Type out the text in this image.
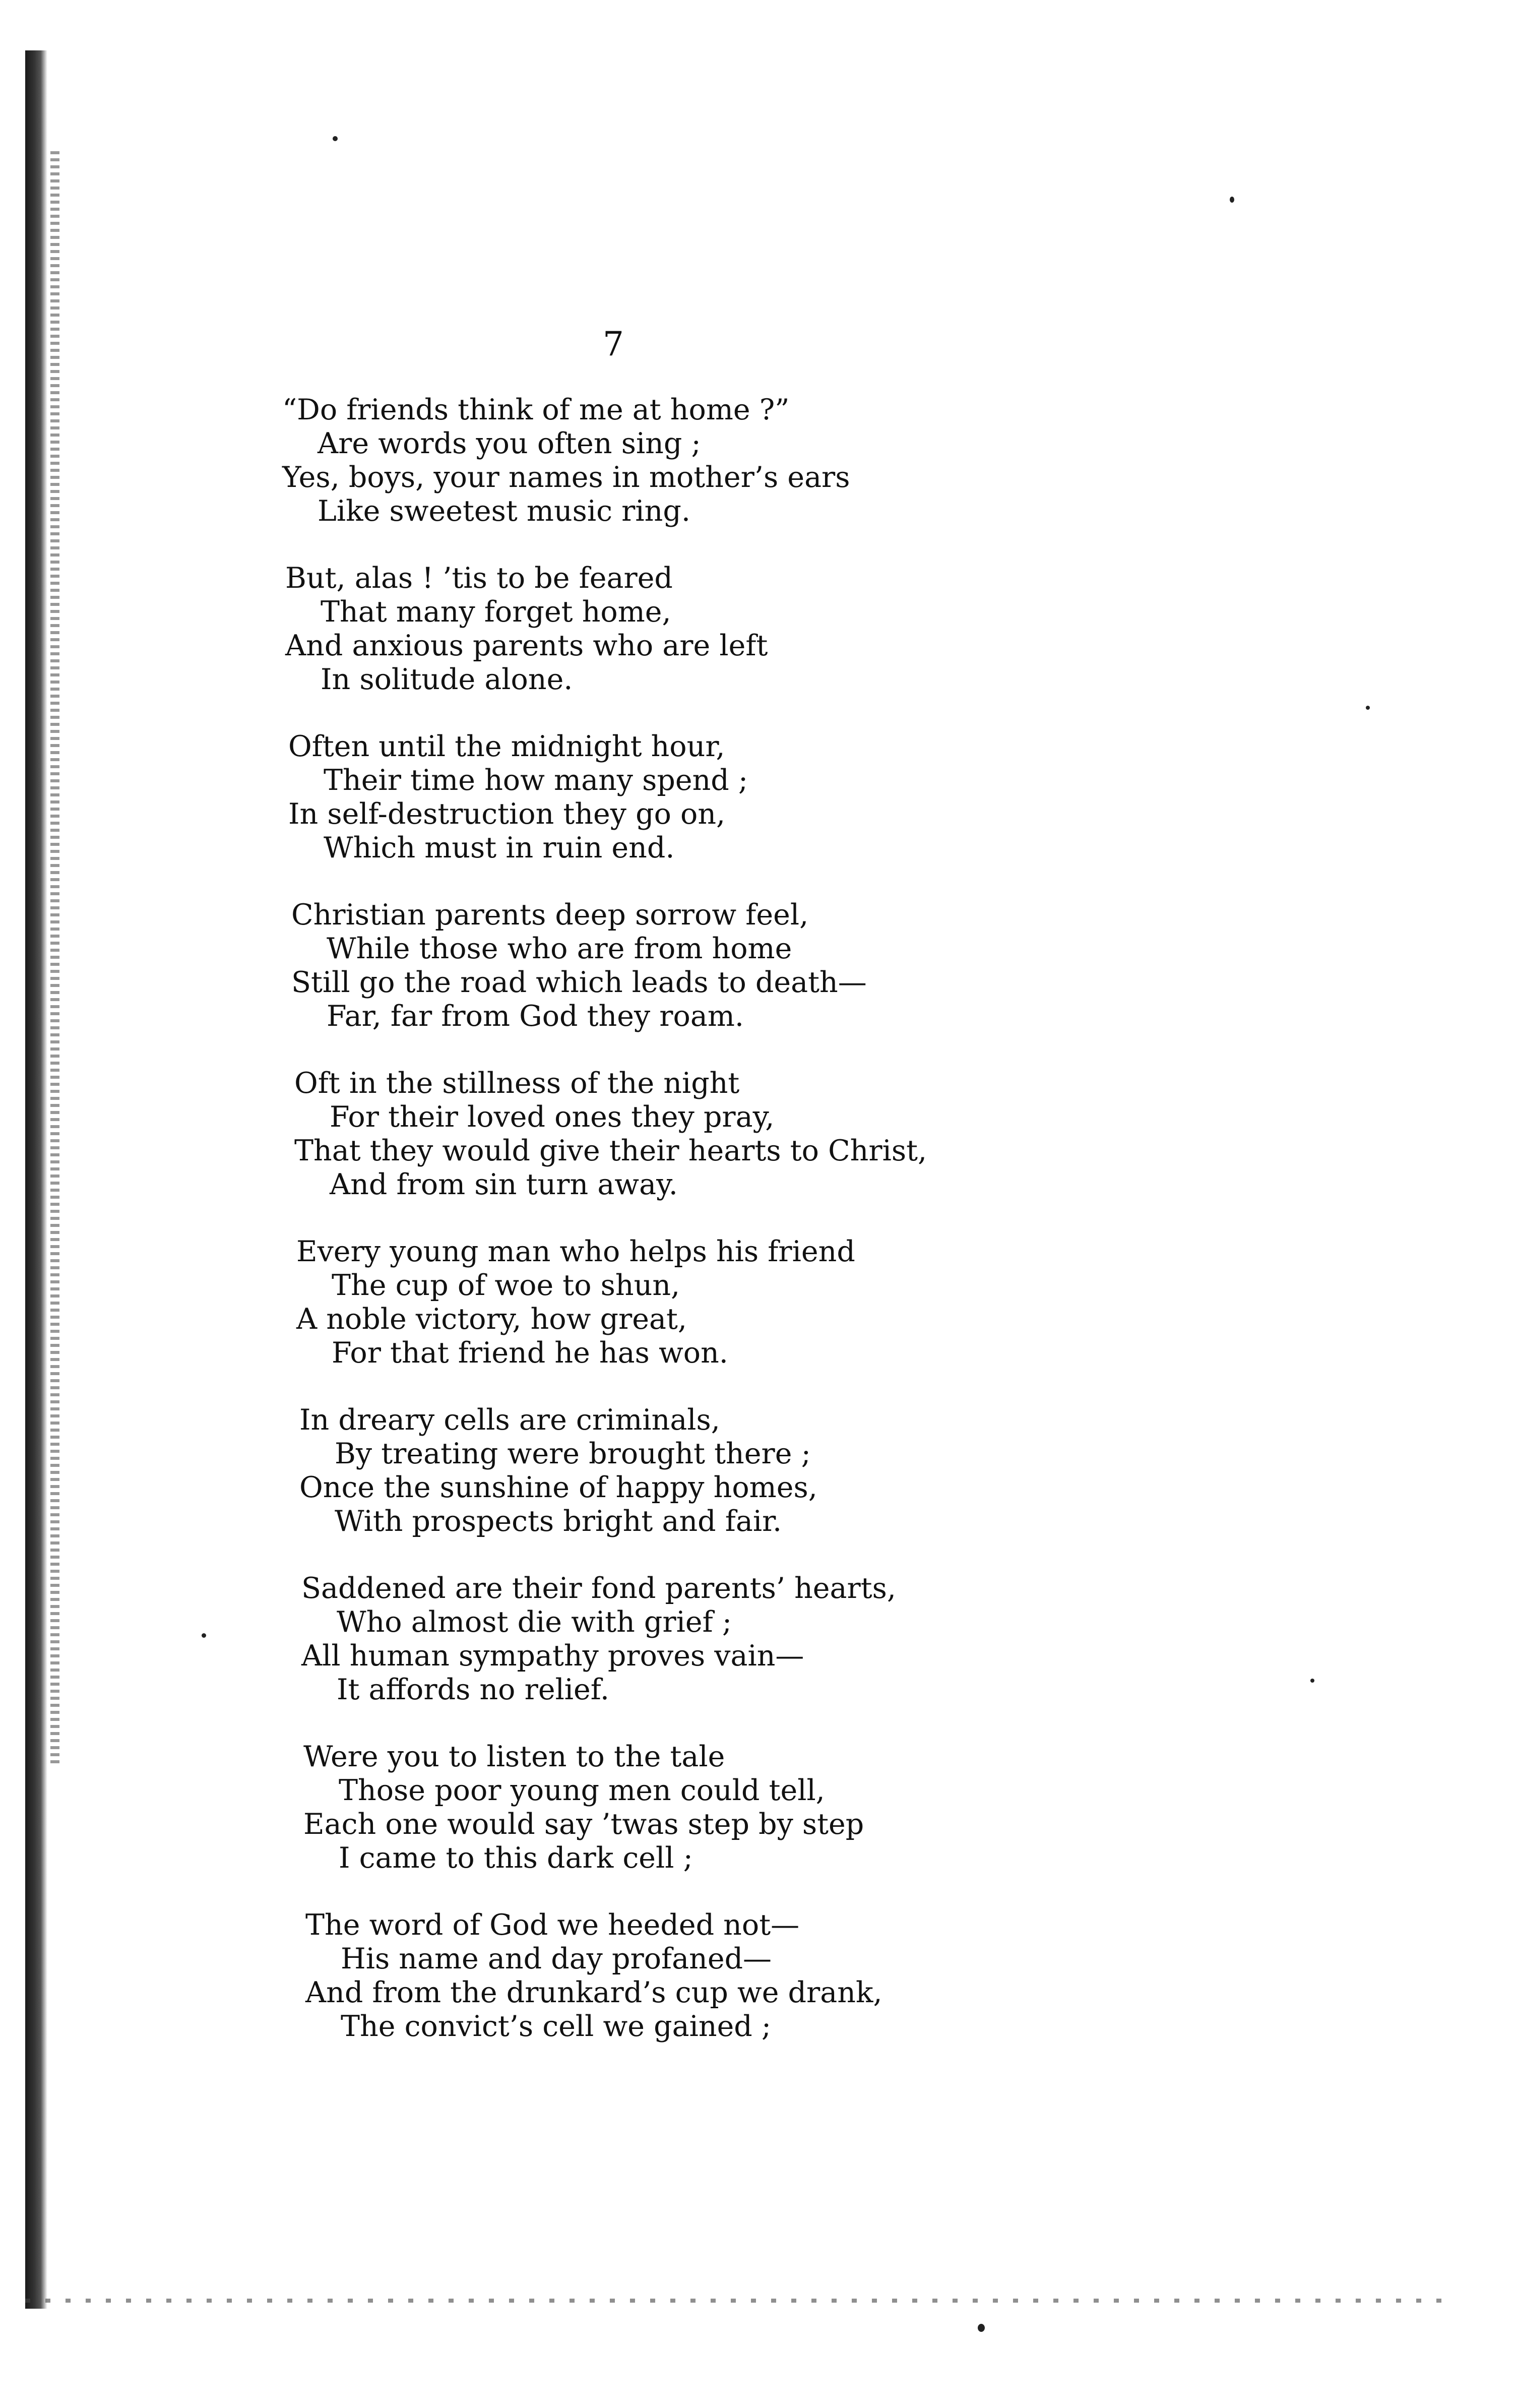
7
“Do friends think of me at home ?”
Are words you often sing ;
Yes, boys, your names in mother’s ears
Like sweetest music ring.
But, alas ! ’tis to be feared
That many forget home,
And anxious parents who are left
In solitude alone.
Often until the midnight hour,
Their time how many spend ;
In self-destruction they go on,
Which must in ruin end.
Christian parents deep sorrow feel,
While those who are from home
Still go the road which leads to death—
Far, far from God they roam.
Oft in the stillness of the night
For their loved ones they pray,
That they would give their hearts to Christ,
And from sin turn away.
Every young man who helps his friend
The cup of woe to shun,
A noble victory, how great,
For that friend he has won.
In dreary cells are criminals,
By treating were brought there ;
Once the sunshine of happy homes,
With prospects bright and fair.
Saddened are their fond parents’ hearts,
Who almost die with grief ;
All human sympathy proves vain—
It affords no relief.
Were you to listen to the tale
Those poor young men could tell,
Each one would say ’twas step by step
I came to this dark cell ;
The word of God we heeded not—
His name and day profaned—
And from the drunkard’s cup we drank,
The convict’s cell we gained ;
